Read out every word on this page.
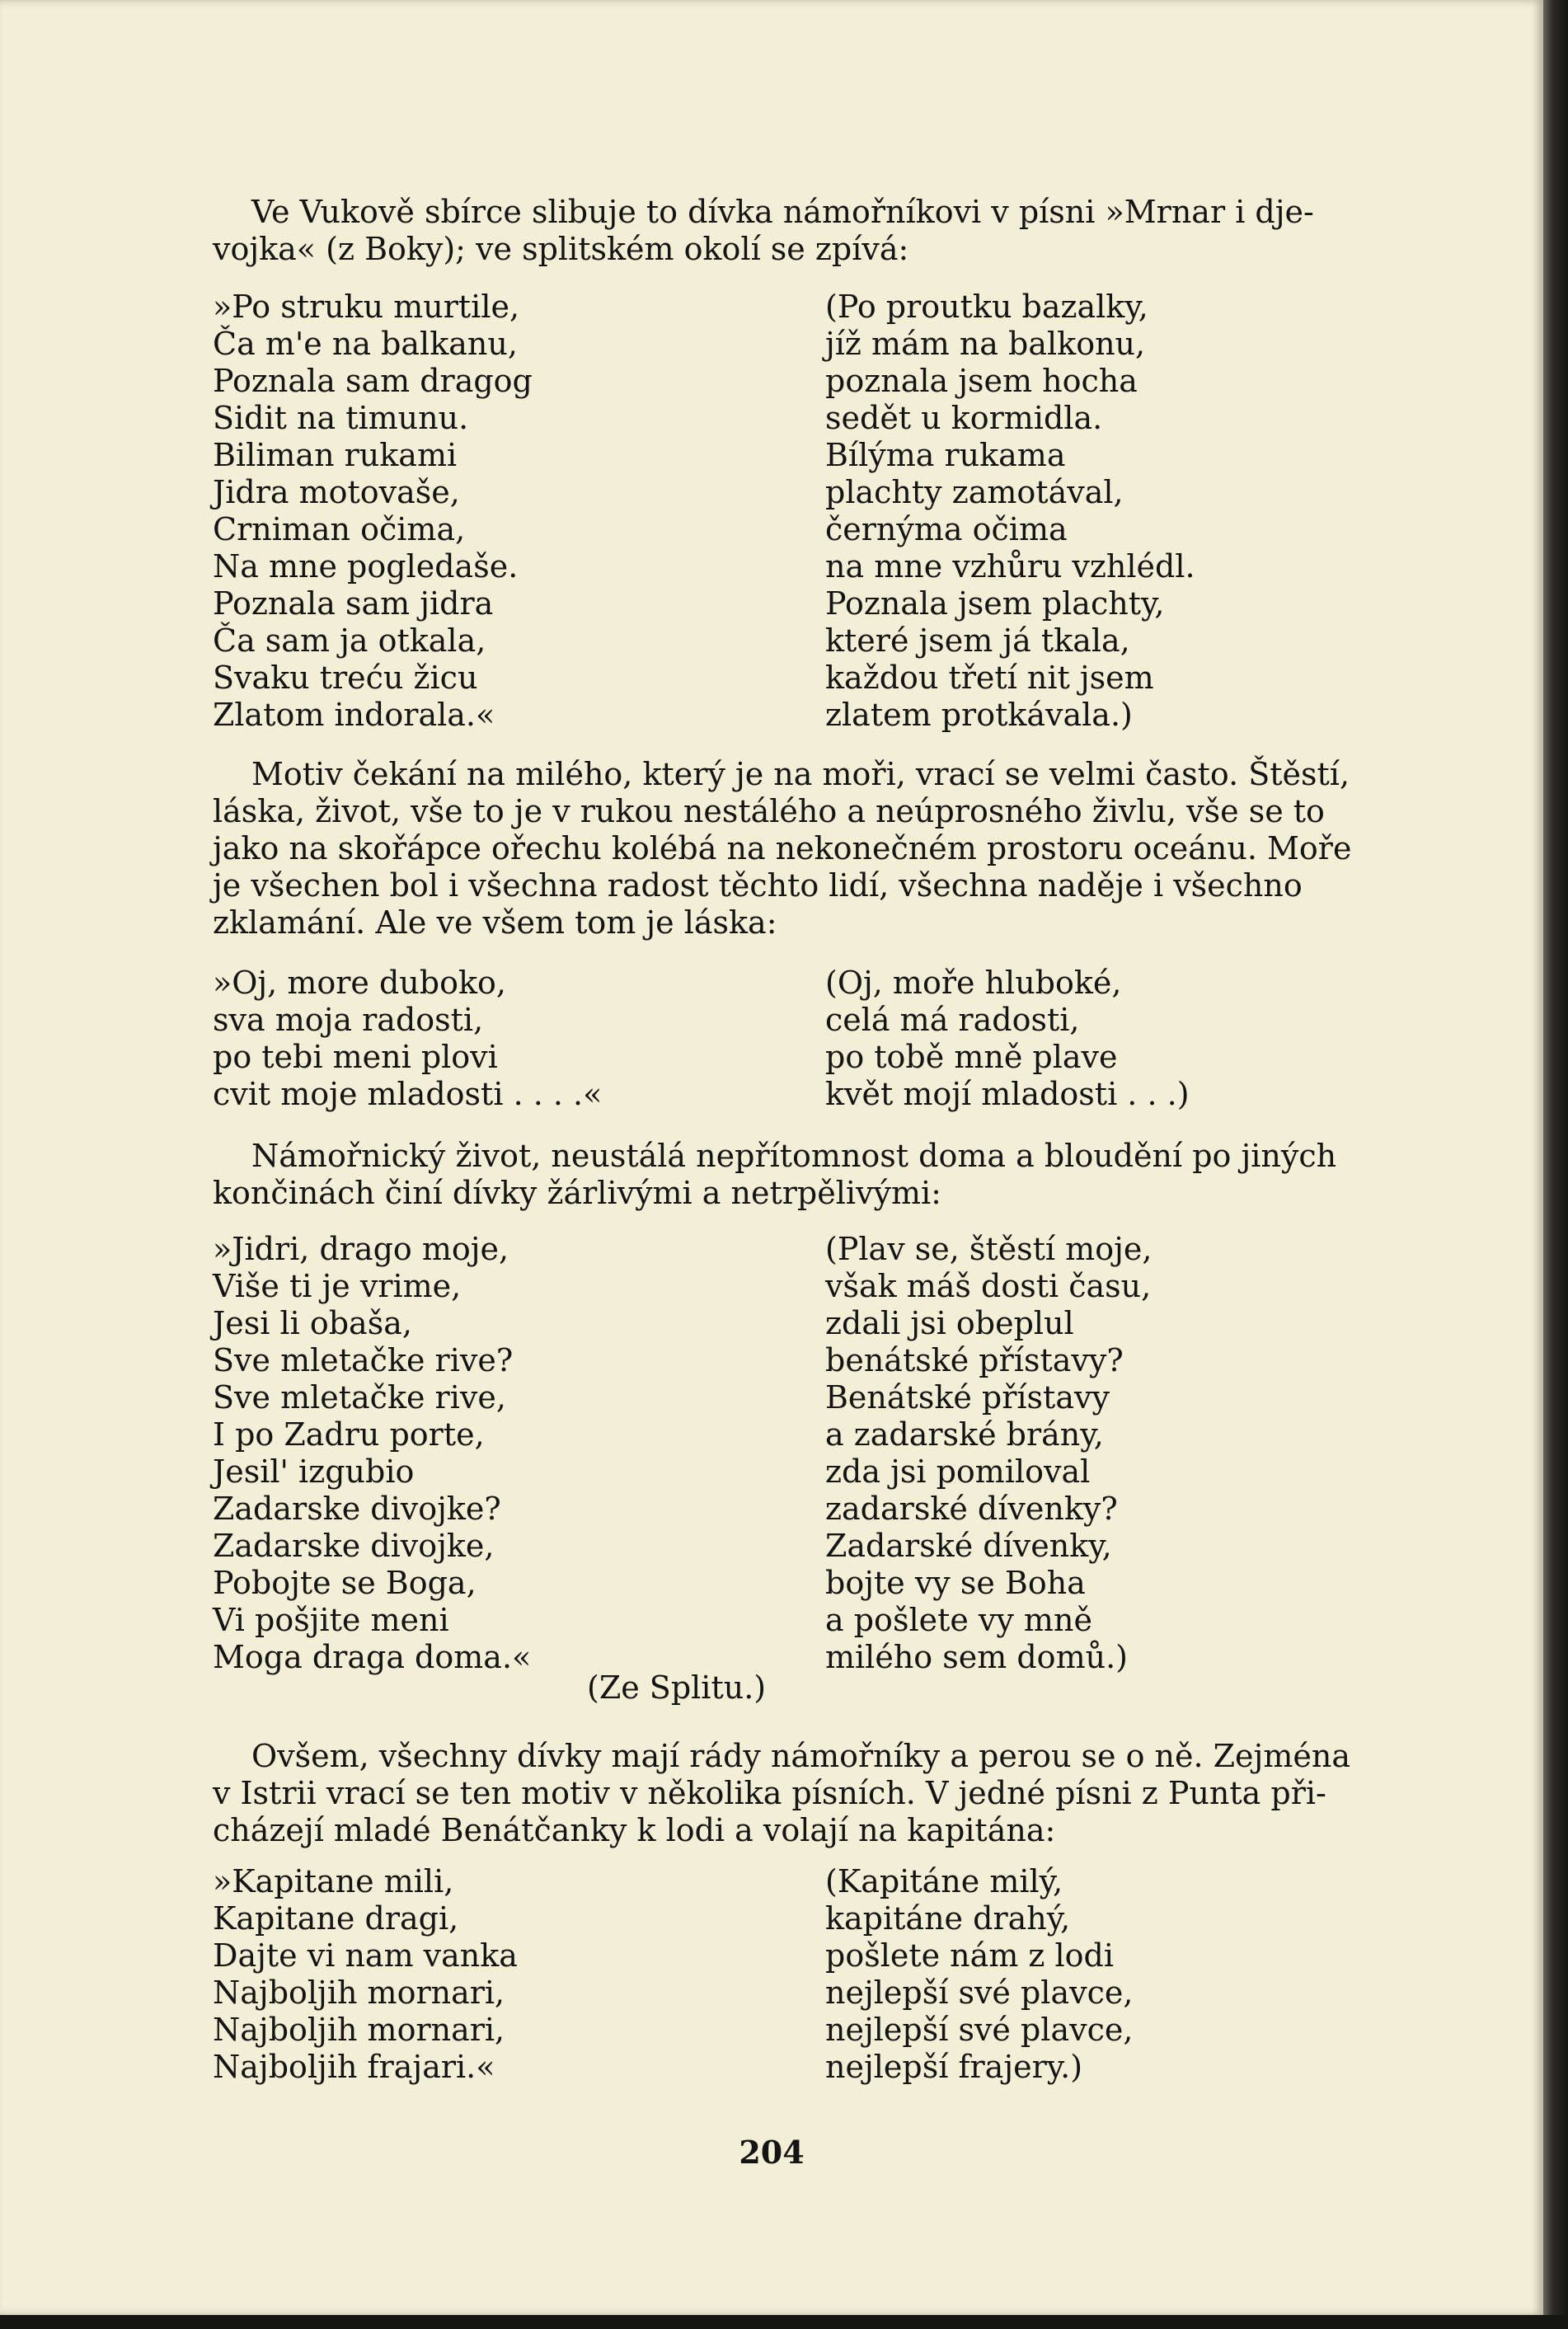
Ve Vukově sbírce slibuje to dívka námořníkovi v písni »Mrnar i dje-
vojka« (z Boky); ve splitském okolí se zpívá:

»Po struku murtile,
Ča m'e na balkanu,
Poznala sam dragog
Sidit na timunu.
Biliman rukami
Jidra motovaše,
Crniman očima,
Na mne pogledaše.
Poznala sam jidra
Ča sam ja otkala,
Svaku treću žicu
Zlatom indorala.«
(Po proutku bazalky,
jíž mám na balkonu,
poznala jsem hocha
sedět u kormidla.
Bílýma rukama
plachty zamotával,
černýma očima
na mne vzhůru vzhlédl.
Poznala jsem plachty,
které jsem já tkala,
každou třetí nit jsem
zlatem protkávala.)

Motiv čekání na milého, který je na moři, vrací se velmi často. Štěstí,
láska, život, vše to je v rukou nestálého a neúprosného živlu, vše se to
jako na skořápce ořechu kolébá na nekonečném prostoru oceánu. Moře
je všechen bol i všechna radost těchto lidí, všechna naděje i všechno
zklamání. Ale ve všem tom je láska:

»Oj, more duboko,
sva moja radosti,
po tebi meni plovi
cvit moje mladosti . . . .«
(Oj, moře hluboké,
celá má radosti,
po tobě mně plave
květ mojí mladosti . . .)

Námořnický život, neustálá nepřítomnost doma a bloudění po jiných
končinách činí dívky žárlivými a netrpělivými:

»Jidri, drago moje,
Više ti je vrime,
Jesi li obaša,
Sve mletačke rive?
Sve mletačke rive,
I po Zadru porte,
Jesil' izgubio
Zadarske divojke?
Zadarske divojke,
Pobojte se Boga,
Vi pošjite meni
Moga draga doma.«
(Plav se, štěstí moje,
však máš dosti času,
zdali jsi obeplul
benátské přístavy?
Benátské přístavy
a zadarské brány,
zda jsi pomiloval
zadarské dívenky?
Zadarské dívenky,
bojte vy se Boha
a pošlete vy mně
milého sem domů.)
(Ze Splitu.)

Ovšem, všechny dívky mají rády námořníky a perou se o ně. Zejména
v Istrii vrací se ten motiv v několika písních. V jedné písni z Punta při-
cházejí mladé Benátčanky k lodi a volají na kapitána:

»Kapitane mili,
Kapitane dragi,
Dajte vi nam vanka
Najboljih mornari,
Najboljih mornari,
Najboljih frajari.«
(Kapitáne milý,
kapitáne drahý,
pošlete nám z lodi
nejlepší své plavce,
nejlepší své plavce,
nejlepší frajery.)
204
